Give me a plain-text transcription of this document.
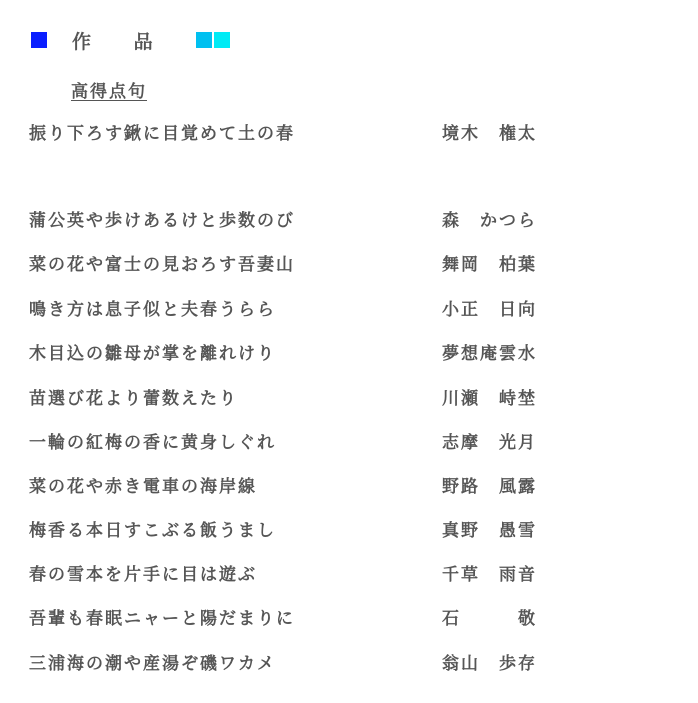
作 品
高得点句
振り下ろす鍬に目覚めて土の春	境木　権太
蒲公英や歩けあるけと歩数のび	森　かつら
菜の花や富士の見おろす吾妻山	舞岡　柏葉
鳴き方は息子似と夫春うらら	小正　日向
木目込の雛母が掌を離れけり	夢想庵雲水
苗選び花より蕾数えたり	川瀬　峙埜
一輪の紅梅の香に黄身しぐれ	志摩　光月
菜の花や赤き電車の海岸線	野路　風露
梅香る本日すこぶる飯うまし	真野　愚雪
春の雪本を片手に目は遊ぶ	千草　雨音
吾輩も春眠ニャーと陽だまりに	石　　　敬
三浦海の潮や産湯ぞ磯ワカメ	翁山　歩存
